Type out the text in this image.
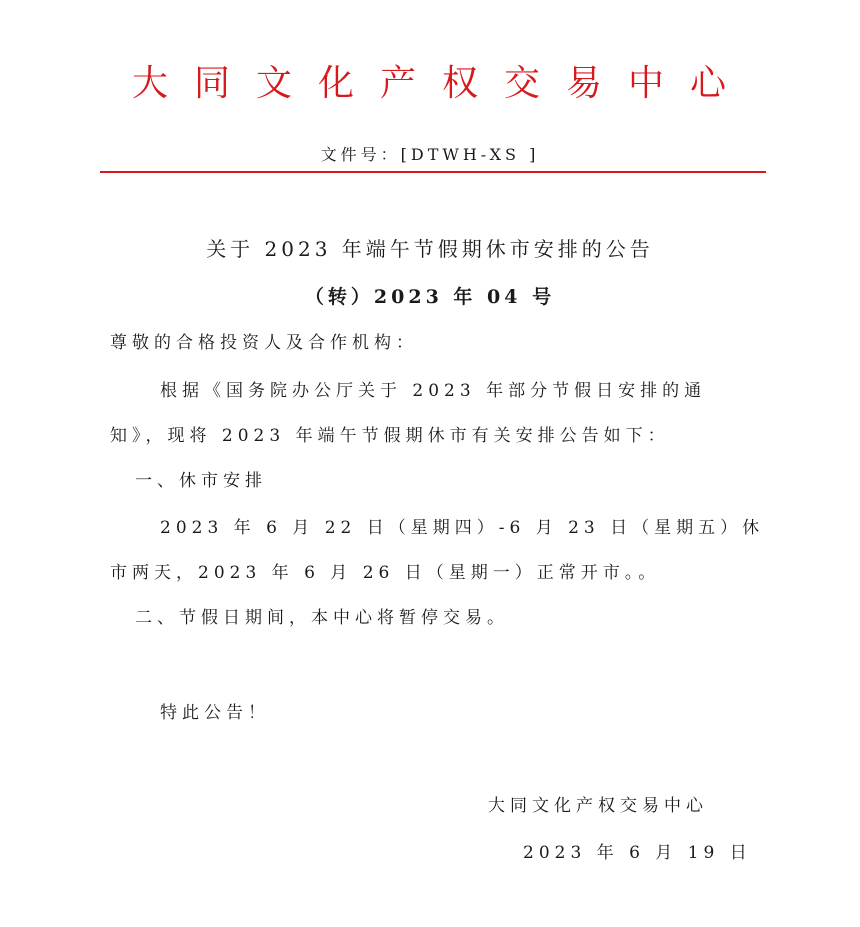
大同文化产权交易中心
文件号：[DTWH-XS ]
关于 2023 年端午节假期休市安排的公告
（转）2023 年 04 号
尊敬的合格投资人及合作机构：
根据《国务院办公厅关于 2023 年部分节假日安排的通
知》，现将 2023 年端午节假期休市有关安排公告如下：
一、休市安排
2023 年 6 月 22 日（星期四）-6 月 23 日（星期五）休
市两天，2023 年 6 月 26 日（星期一）正常开市。。
二、节假日期间，本中心将暂停交易。
特此公告！
大同文化产权交易中心
2023 年 6 月 19 日
